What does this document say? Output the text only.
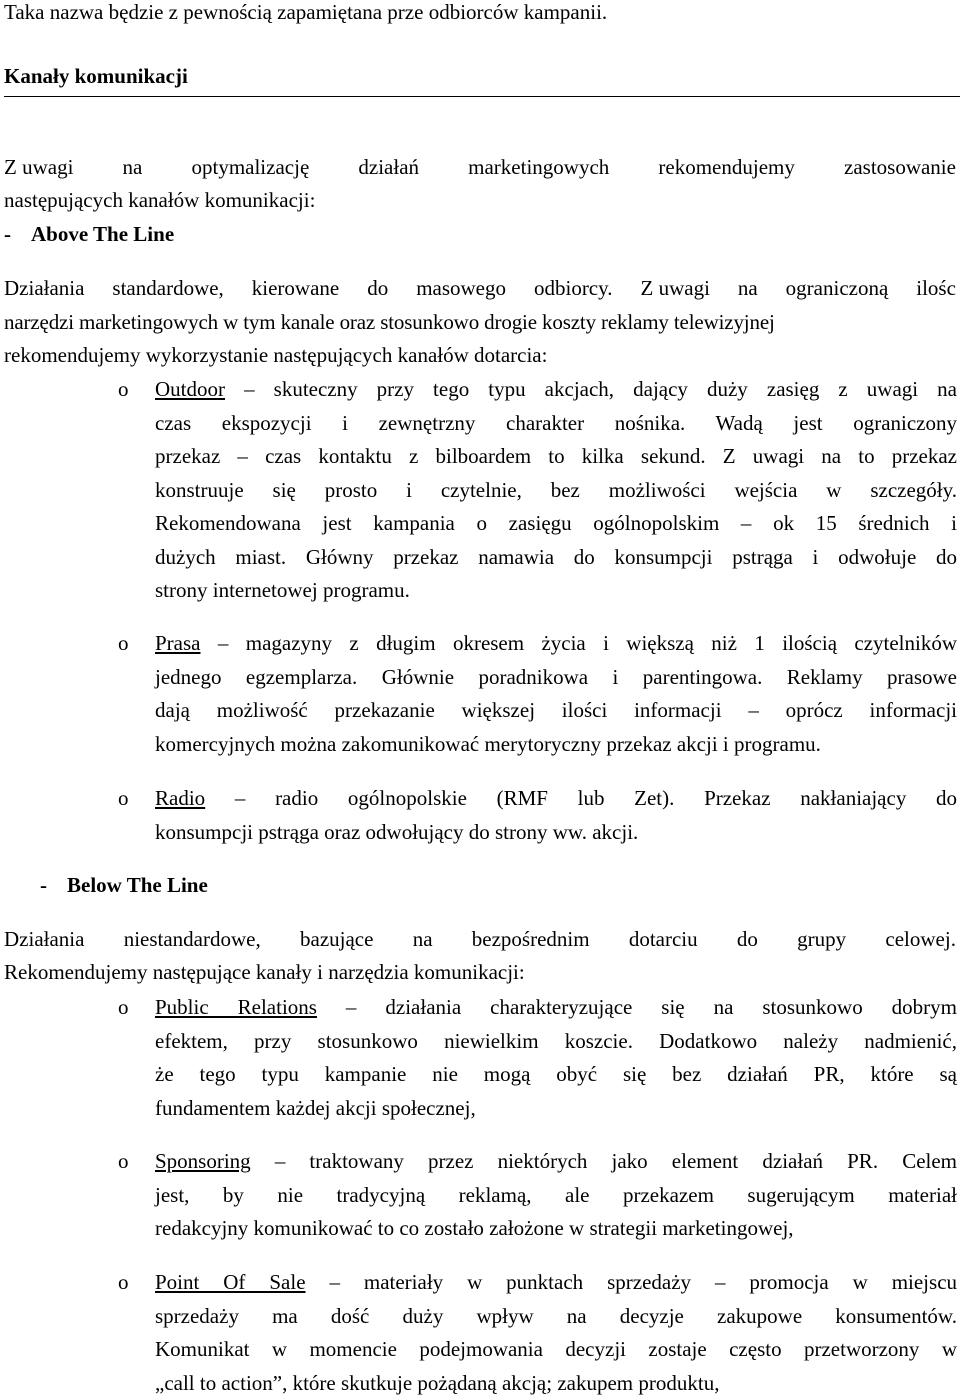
Taka nazwa będzie z pewnością zapamiętana prze odbiorców kampanii.

Kanały komunikacji

Z uwagi na optymalizację działań marketingowych rekomendujemy zastosowanie

następujących kanałów komunikacji:

- Above The Line

Działania standardowe, kierowane do masowego odbiorcy. Z uwagi na ograniczoną ilośc

narzędzi marketingowych w tym kanale oraz stosunkowo drogie koszty reklamy telewizyjnej

rekomendujemy wykorzystanie następujących kanałów dotarcia:

o Outdoor – skuteczny przy tego typu akcjach, dający duży zasięg z uwagi na

czas ekspozycji i zewnętrzny charakter nośnika. Wadą jest ograniczony

przekaz – czas kontaktu z bilboardem to kilka sekund. Z uwagi na to przekaz

konstruuje się prosto i czytelnie, bez możliwości wejścia w szczegóły.

Rekomendowana jest kampania o zasięgu ogólnopolskim – ok 15 średnich i

dużych miast. Główny przekaz namawia do konsumpcji pstrąga i odwołuje do

strony internetowej programu.

o Prasa – magazyny z długim okresem życia i większą niż 1 ilością czytelników

jednego egzemplarza. Głównie poradnikowa i parentingowa. Reklamy prasowe

dają możliwość przekazanie większej ilości informacji – oprócz informacji

komercyjnych można zakomunikować merytoryczny przekaz akcji i programu.

o Radio – radio ogólnopolskie (RMF lub Zet). Przekaz nakłaniający do

konsumpcji pstrąga oraz odwołujący do strony ww. akcji.

- Below The Line

Działania niestandardowe, bazujące na bezpośrednim dotarciu do grupy celowej.

Rekomendujemy następujące kanały i narzędzia komunikacji:

o Public Relations – działania charakteryzujące się na stosunkowo dobrym

efektem, przy stosunkowo niewielkim koszcie. Dodatkowo należy nadmienić,

że tego typu kampanie nie mogą obyć się bez działań PR, które są

fundamentem każdej akcji społecznej,

o Sponsoring – traktowany przez niektórych jako element działań PR. Celem

jest, by nie tradycyjną reklamą, ale przekazem sugerującym materiał

redakcyjny komunikować to co zostało założone w strategii marketingowej,

o Point Of Sale – materiały w punktach sprzedaży – promocja w miejscu

sprzedaży ma dość duży wpływ na decyzje zakupowe konsumentów.

Komunikat w momencie podejmowania decyzji zostaje często przetworzony w

„call to action”, które skutkuje pożądaną akcją; zakupem produktu,
